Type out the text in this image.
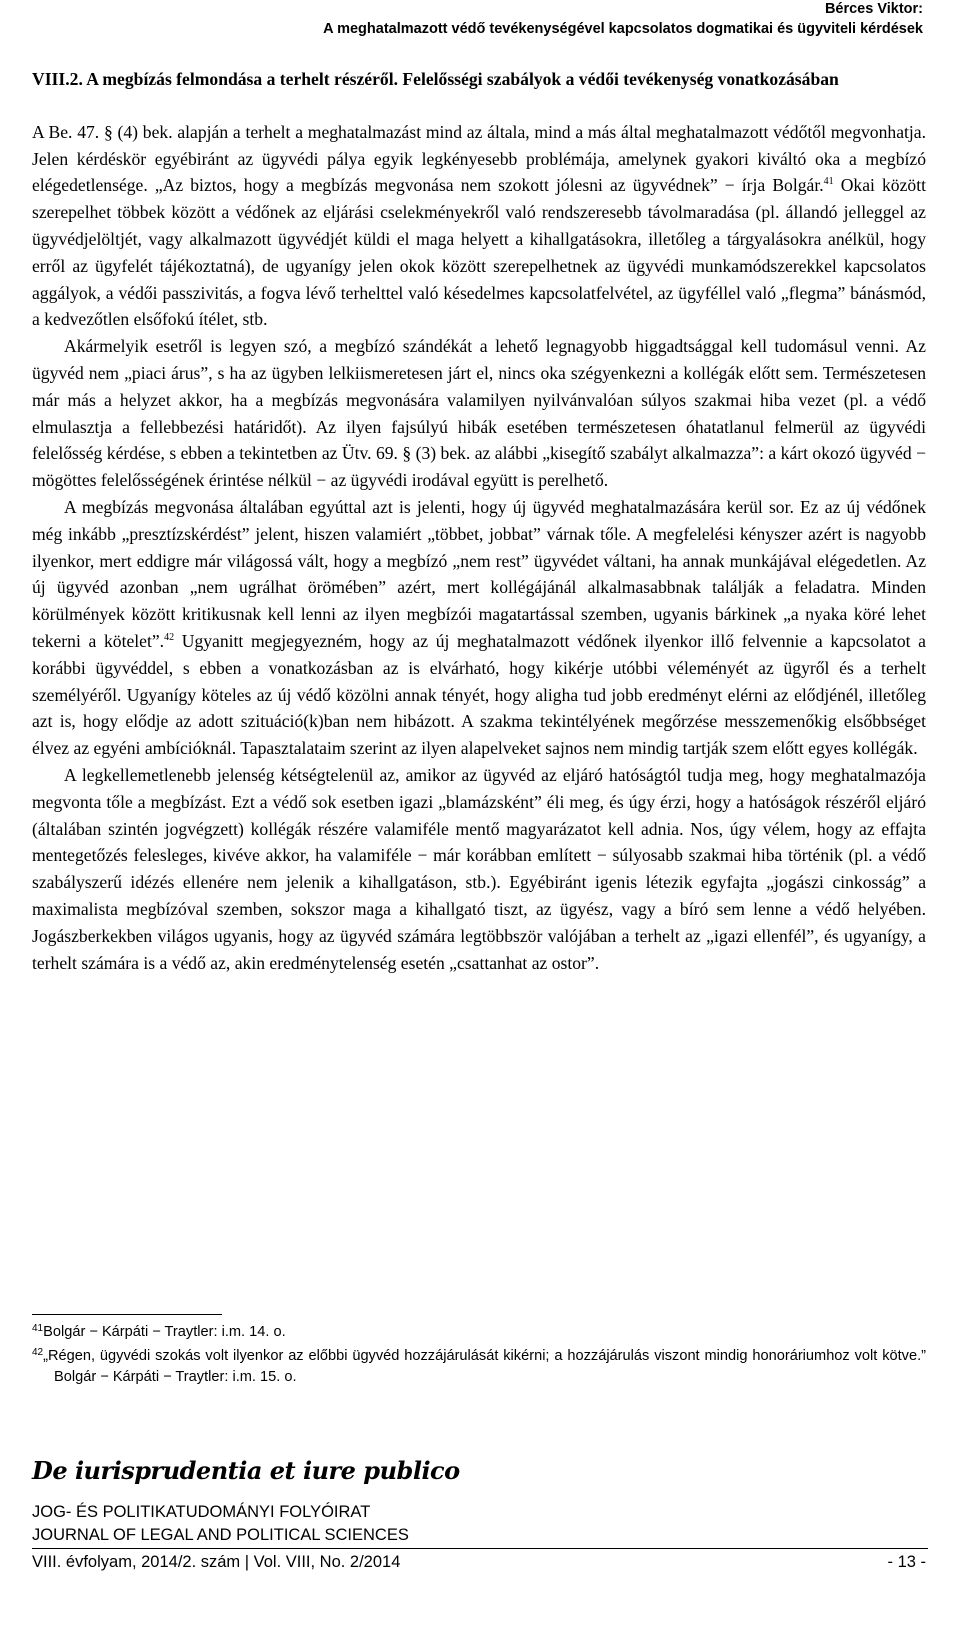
Bérces Viktor:
A meghatalmazott védő tevékenységével kapcsolatos dogmatikai és ügyviteli kérdések

VIII.2. A megbízás felmondása a terhelt részéről. Felelősségi szabályok a védői tevékenység vonatkozásában

A Be. 47. § (4) bek. alapján a terhelt a meghatalmazást mind az általa, mind a más által meghatalmazott védőtől megvonhatja. Jelen kérdéskör egyébiránt az ügyvédi pálya egyik legkényesebb problémája, amelynek gyakori kiváltó oka a megbízó elégedetlensége. „Az biztos, hogy a megbízás megvonása nem szokott jólesni az ügyvédnek” − írja Bolgár.$^{41}$ Okai között szerepelhet többek között a védőnek az eljárási cselekményekről való rendszeresebb távolmaradása (pl. állandó jelleggel az ügyvédjelöltjét, vagy alkalmazott ügyvédjét küldi el maga helyett a kihallgatásokra, illetőleg a tárgyalásokra anélkül, hogy erről az ügyfelét tájékoztatná), de ugyanígy jelen okok között szerepelhetnek az ügyvédi munkamódszerekkel kapcsolatos aggályok, a védői passzivitás, a fogva lévő terhelttel való késedelmes kapcsolatfelvétel, az ügyféllel való „flegma” bánásmód, a kedvezőtlen elsőfokú ítélet, stb.

Akármelyik esetről is legyen szó, a megbízó szándékát a lehető legnagyobb higgadtsággal kell tudomásul venni. Az ügyvéd nem „piaci árus”, s ha az ügyben lelkiismeretesen járt el, nincs oka szégyenkezni a kollégák előtt sem. Természetesen már más a helyzet akkor, ha a megbízás megvonására valamilyen nyilvánvalóan súlyos szakmai hiba vezet (pl. a védő elmulasztja a fellebbezési határidőt). Az ilyen fajsúlyú hibák esetében természetesen óhatatlanul felmerül az ügyvédi felelősség kérdése, s ebben a tekintetben az Ütv. 69. § (3) bek. az alábbi „kisegítő szabályt alkalmazza”: a kárt okozó ügyvéd − mögöttes felelősségének érintése nélkül − az ügyvédi irodával együtt is perelhető.

A megbízás megvonása általában egyúttal azt is jelenti, hogy új ügyvéd meghatalmazására kerül sor. Ez az új védőnek még inkább „presztízskérdést” jelent, hiszen valamiért „többet, jobbat” várnak tőle. A megfelelési kényszer azért is nagyobb ilyenkor, mert eddigre már világossá vált, hogy a megbízó „nem rest” ügyvédet váltani, ha annak munkájával elégedetlen. Az új ügyvéd azonban „nem ugrálhat örömében” azért, mert kollégájánál alkalmasabbnak találják a feladatra. Minden körülmények között kritikusnak kell lenni az ilyen megbízói magatartással szemben, ugyanis bárkinek „a nyaka köré lehet tekerni a kötelet”.$^{42}$ Ugyanitt megjegyezném, hogy az új meghatalmazott védőnek ilyenkor illő felvennie a kapcsolatot a korábbi ügyvéddel, s ebben a vonatkozásban az is elvárható, hogy kikérje utóbbi véleményét az ügyről és a terhelt személyéről. Ugyanígy köteles az új védő közölni annak tényét, hogy aligha tud jobb eredményt elérni az elődjénél, illetőleg azt is, hogy elődje az adott szituáció(k)ban nem hibázott. A szakma tekintélyének megőrzése messzemenőkig elsőbbséget élvez az egyéni ambícióknál. Tapasztalataim szerint az ilyen alapelveket sajnos nem mindig tartják szem előtt egyes kollégák.

A legkellemetlenebb jelenség kétségtelenül az, amikor az ügyvéd az eljáró hatóságtól tudja meg, hogy meghatalmazója megvonta tőle a megbízást. Ezt a védő sok esetben igazi „blamázsként” éli meg, és úgy érzi, hogy a hatóságok részéről eljáró (általában szintén jogvégzett) kollégák részére valamiféle mentő magyarázatot kell adnia. Nos, úgy vélem, hogy az effajta mentegetőzés felesleges, kivéve akkor, ha valamiféle − már korábban említett − súlyosabb szakmai hiba történik (pl. a védő szabályszerű idézés ellenére nem jelenik a kihallgatáson, stb.). Egyébiránt igenis létezik egyfajta „jogászi cinkosság” a maximalista megbízóval szemben, sokszor maga a kihallgató tiszt, az ügyész, vagy a bíró sem lenne a védő helyében. Jogászberkekben világos ugyanis, hogy az ügyvéd számára legtöbbször valójában a terhelt az „igazi ellenfél”, és ugyanígy, a terhelt számára is a védő az, akin eredménytelenség esetén „csattanhat az ostor”.

$^{41}$Bolgár − Kárpáti − Traytler: i.m. 14. o.

$^{42}$„Régen, ügyvédi szokás volt ilyenkor az előbbi ügyvéd hozzájárulását kikérni; a hozzájárulás viszont mindig honoráriumhoz volt kötve.” Bolgár − Kárpáti − Traytler: i.m. 15. o.

De iurisprudentia et iure publico
JOG- ÉS POLITIKATUDOMÁNYI FOLYÓIRAT
JOURNAL OF LEGAL AND POLITICAL SCIENCES
VIII. évfolyam, 2014/2. szám | Vol. VIII, No. 2/2014	- 13 -
